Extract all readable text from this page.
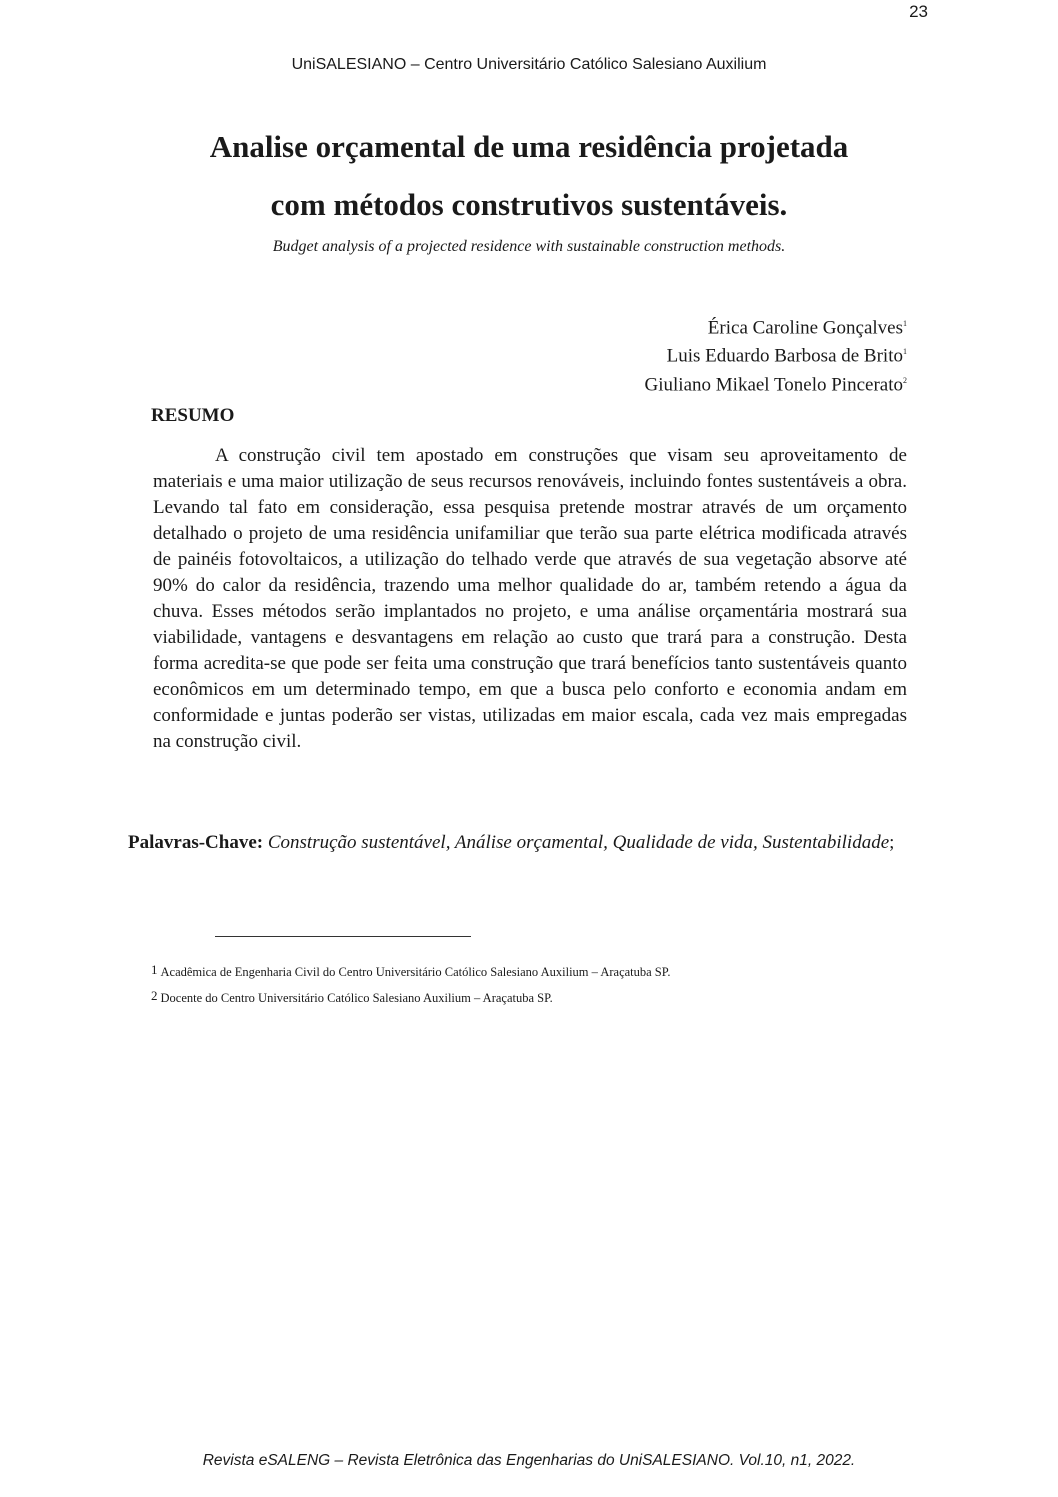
23
UniSALESIANO – Centro Universitário Católico Salesiano Auxilium
Analise orçamental de uma residência projetada
com métodos construtivos sustentáveis.
Budget analysis of a projected residence with sustainable construction methods.
Érica Caroline Gonçalves$^1$
Luis Eduardo Barbosa de Brito$^1$
Giuliano Mikael Tonelo Pincerato$^2$
RESUMO

A construção civil tem apostado em construções que visam seu aproveitamento de materiais e uma maior utilização de seus recursos renováveis, incluindo fontes sustentáveis a obra. Levando tal fato em consideração, essa pesquisa pretende mostrar através de um orçamento detalhado o projeto de uma residência unifamiliar que terão sua parte elétrica modificada através de painéis fotovoltaicos, a utilização do telhado verde que através de sua vegetação absorve até 90% do calor da residência, trazendo uma melhor qualidade do ar, também retendo a água da chuva. Esses métodos serão implantados no projeto, e uma análise orçamentária mostrará sua viabilidade, vantagens e desvantagens em relação ao custo que trará para a construção. Desta forma acredita-se que pode ser feita uma construção que trará benefícios tanto sustentáveis quanto econômicos em um determinado tempo, em que a busca pelo conforto e economia andam em conformidade e juntas poderão ser vistas, utilizadas em maior escala, cada vez mais empregadas na construção civil.

Palavras-Chave: Construção sustentável, Análise orçamental, Qualidade de vida, Sustentabilidade;

$^1$ Acadêmica de Engenharia Civil do Centro Universitário Católico Salesiano Auxilium – Araçatuba SP.
$^2$ Docente do Centro Universitário Católico Salesiano Auxilium – Araçatuba SP.
Revista eSALENG – Revista Eletrônica das Engenharias do UniSALESIANO. Vol.10, n1, 2022.
